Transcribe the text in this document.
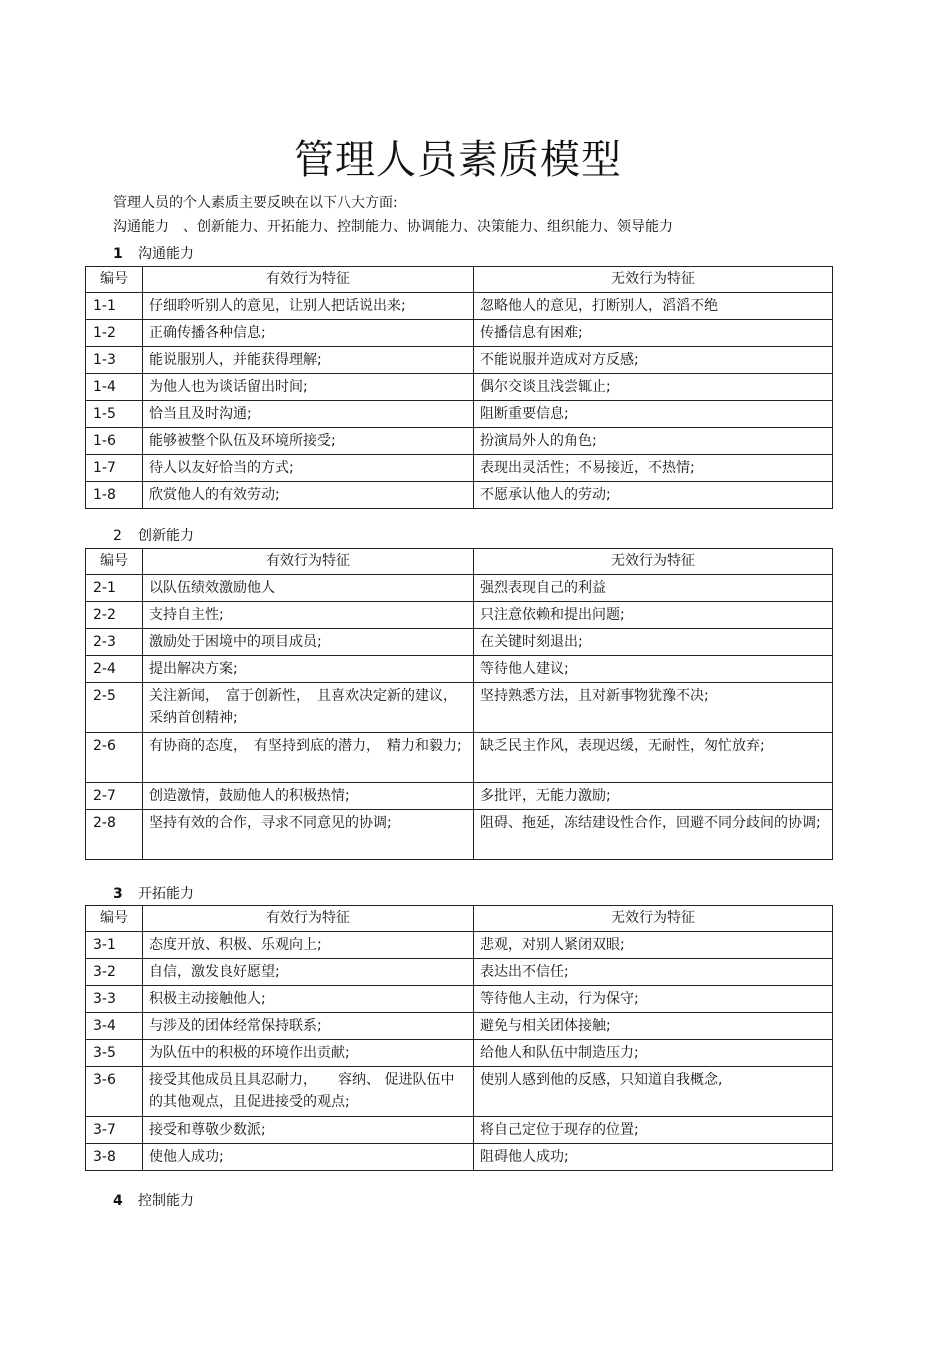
管理人员素质模型
管理人员的个人素质主要反映在以下八大方面:
沟通能力　、创新能力、开拓能力、控制能力、协调能力、决策能力、组织能力、领导能力
1 沟通能力
编号	有效行为特征	无效行为特征
1-1	仔细聆听别人的意见，让别人把话说出来;	忽略他人的意见，打断别人，滔滔不绝
1-2	正确传播各种信息;	传播信息有困难;
1-3	能说服别人，并能获得理解;	不能说服并造成对方反感;
1-4	为他人也为谈话留出时间;	偶尔交谈且浅尝辄止;
1-5	恰当且及时沟通;	阻断重要信息;
1-6	能够被整个队伍及环境所接受;	扮演局外人的角色;
1-7	待人以友好恰当的方式;	表现出灵活性；不易接近，不热情;
1-8	欣赏他人的有效劳动;	不愿承认他人的劳动;
2 创新能力
编号	有效行为特征	无效行为特征
2-1	以队伍绩效激励他人	强烈表现自己的利益
2-2	支持自主性;	只注意依赖和提出问题;
2-3	激励处于困境中的项目成员;	在关键时刻退出;
2-4	提出解决方案;	等待他人建议;
2-5	关注新闻，　富于创新性，　且喜欢决定新的建议，采纳首创精神;	坚持熟悉方法，且对新事物犹豫不决;
2-6	有协商的态度，　有坚持到底的潜力，　精力和毅力;	缺乏民主作风，表现迟缓，无耐性，匆忙放弃;
2-7	创造激情，鼓励他人的积极热情;	多批评，无能力激励;
2-8	坚持有效的合作，寻求不同意见的协调;	阻碍、拖延，冻结建设性合作，回避不同分歧间的协调;
3 开拓能力
编号	有效行为特征	无效行为特征
3-1	态度开放、积极、乐观向上;	悲观，对别人紧闭双眼;
3-2	自信，激发良好愿望;	表达出不信任;
3-3	积极主动接触他人;	等待他人主动，行为保守;
3-4	与涉及的团体经常保持联系;	避免与相关团体接触;
3-5	为队伍中的积极的环境作出贡献;	给他人和队伍中制造压力;
3-6	接受其他成员且具忍耐力，　　容纳、 促进队伍中的其他观点，且促进接受的观点;	使别人感到他的反感，只知道自我概念,
3-7	接受和尊敬少数派;	将自己定位于现存的位置;
3-8	使他人成功;	阻碍他人成功;
4 控制能力
